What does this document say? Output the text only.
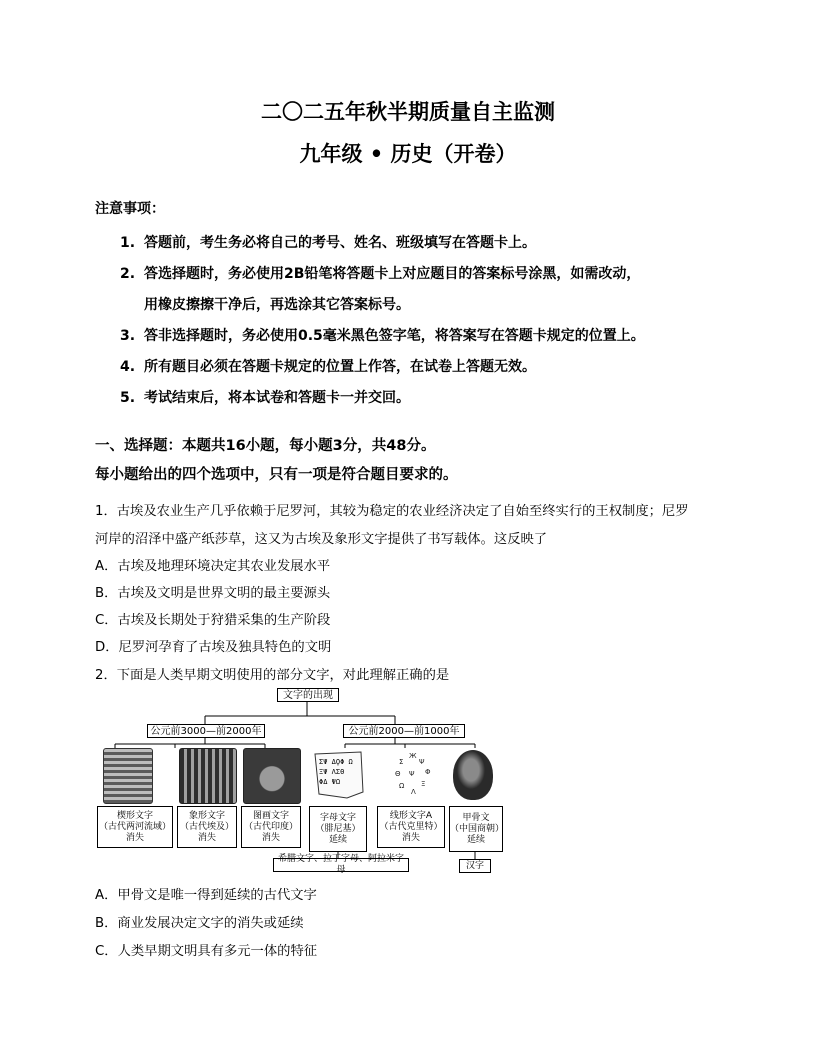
二〇二五年秋半期质量自主监测
九年级 • 历史（开卷）
注意事项：
1. 答题前，考生务必将自己的考号、姓名、班级填写在答题卡上。
2. 答选择题时，务必使用2B铅笔将答题卡上对应题目的答案标号涂黑，如需改动，
用橡皮擦擦干净后，再选涂其它答案标号。
3. 答非选择题时，务必使用0.5毫米黑色签字笔，将答案写在答题卡规定的位置上。
4. 所有题目必须在答题卡规定的位置上作答，在试卷上答题无效。
5. 考试结束后，将本试卷和答题卡一并交回。
一、选择题：本题共16小题，每小题3分，共48分。
每小题给出的四个选项中，只有一项是符合题目要求的。
1．古埃及农业生产几乎依赖于尼罗河，其较为稳定的农业经济决定了自始至终实行的王权制度；尼罗
河岸的沼泽中盛产纸莎草，这又为古埃及象形文字提供了书写载体。这反映了
A．古埃及地理环境决定其农业发展水平
B．古埃及文明是世界文明的最主要源头
C．古埃及长期处于狩猎采集的生产阶段
D．尼罗河孕育了古埃及独具特色的文明
2．下面是人类早期文明使用的部分文字，对此理解正确的是
文字的出现
公元前3000—前2000年	公元前2000—前1000年
ΣΨ ΔϘΦ Ω
ΞΨ ΛΣΘ
ΦΔ ΨΩ
Ж
Ψ
Φ
Ξ
Λ
Ω
Θ
Σ
Ψ
楔形文字
（古代两河流域）
消失
象形文字
（古代埃及）
消失
图画文字
（古代印度）
消失
字母文字
（腓尼基）
延续
线形文字A
（古代克里特）
消失
甲骨文
（中国商朝）
延续
希腊文字、拉丁字母、阿拉米字母	汉字
A．甲骨文是唯一得到延续的古代文字
B．商业发展决定文字的消失或延续
C．人类早期文明具有多元一体的特征
